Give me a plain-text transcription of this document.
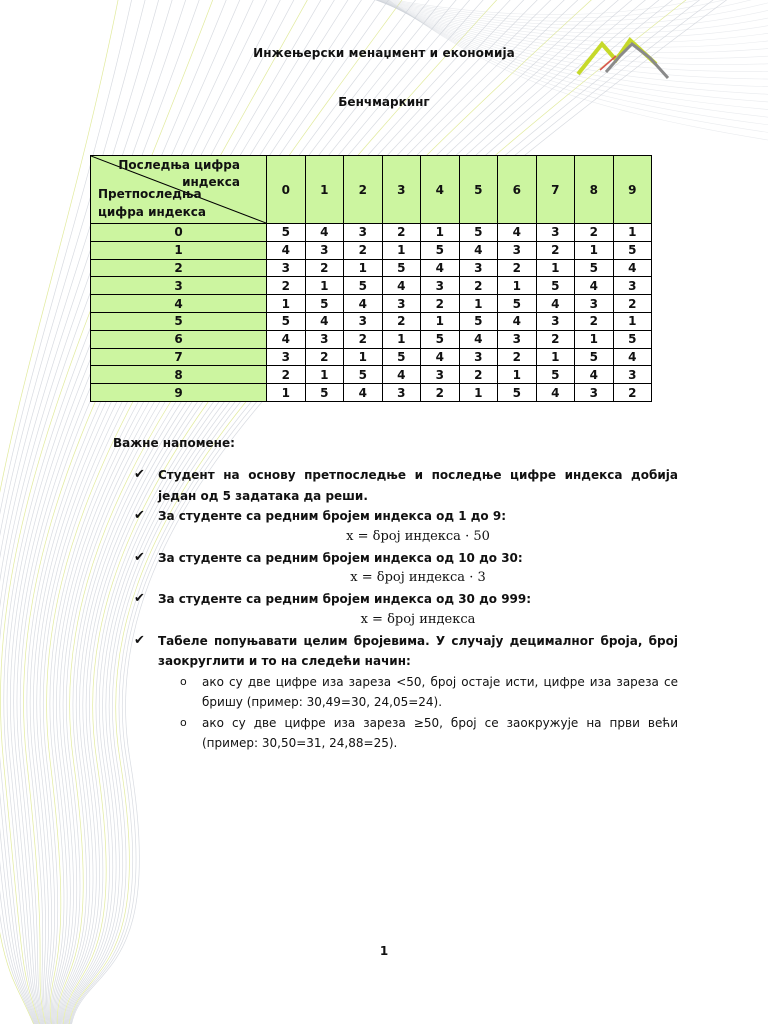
Инжењерски менаџмент и економија
Бенчмаркинг
Последња цифра
индекса
Претпоследња
цифра индекса	0	1	2	3	4	5	6	7	8	9
0	5	4	3	2	1	5	4	3	2	1
1	4	3	2	1	5	4	3	2	1	5
2	3	2	1	5	4	3	2	1	5	4
3	2	1	5	4	3	2	1	5	4	3
4	1	5	4	3	2	1	5	4	3	2
5	5	4	3	2	1	5	4	3	2	1
6	4	3	2	1	5	4	3	2	1	5
7	3	2	1	5	4	3	2	1	5	4
8	2	1	5	4	3	2	1	5	4	3
9	1	5	4	3	2	1	5	4	3	2
Важне напомене:
✔ Студент на основу претпоследње и последње цифре индекса добија један од 5 задатака да реши.
✔ За студенте са редним бројем индекса од 1 до 9:
x = δрој индекса · 50
✔ За студенте са редним бројем индекса од 10 до 30:
x = δрој индекса · 3
✔ За студенте са редним бројем индекса од 30 до 999:
x = δрој индекса
✔ Табеле попуњавати целим бројевима. У случају децималног броја, број заокруглити и то на следећи начин:
o ако су две цифре иза зареза <50, број остаје исти, цифре иза зареза се бришу (пример: 30,49=30, 24,05=24).
o ако су две цифре иза зареза ≥50, број се заокружује на први већи (пример: 30,50=31, 24,88=25).
1
